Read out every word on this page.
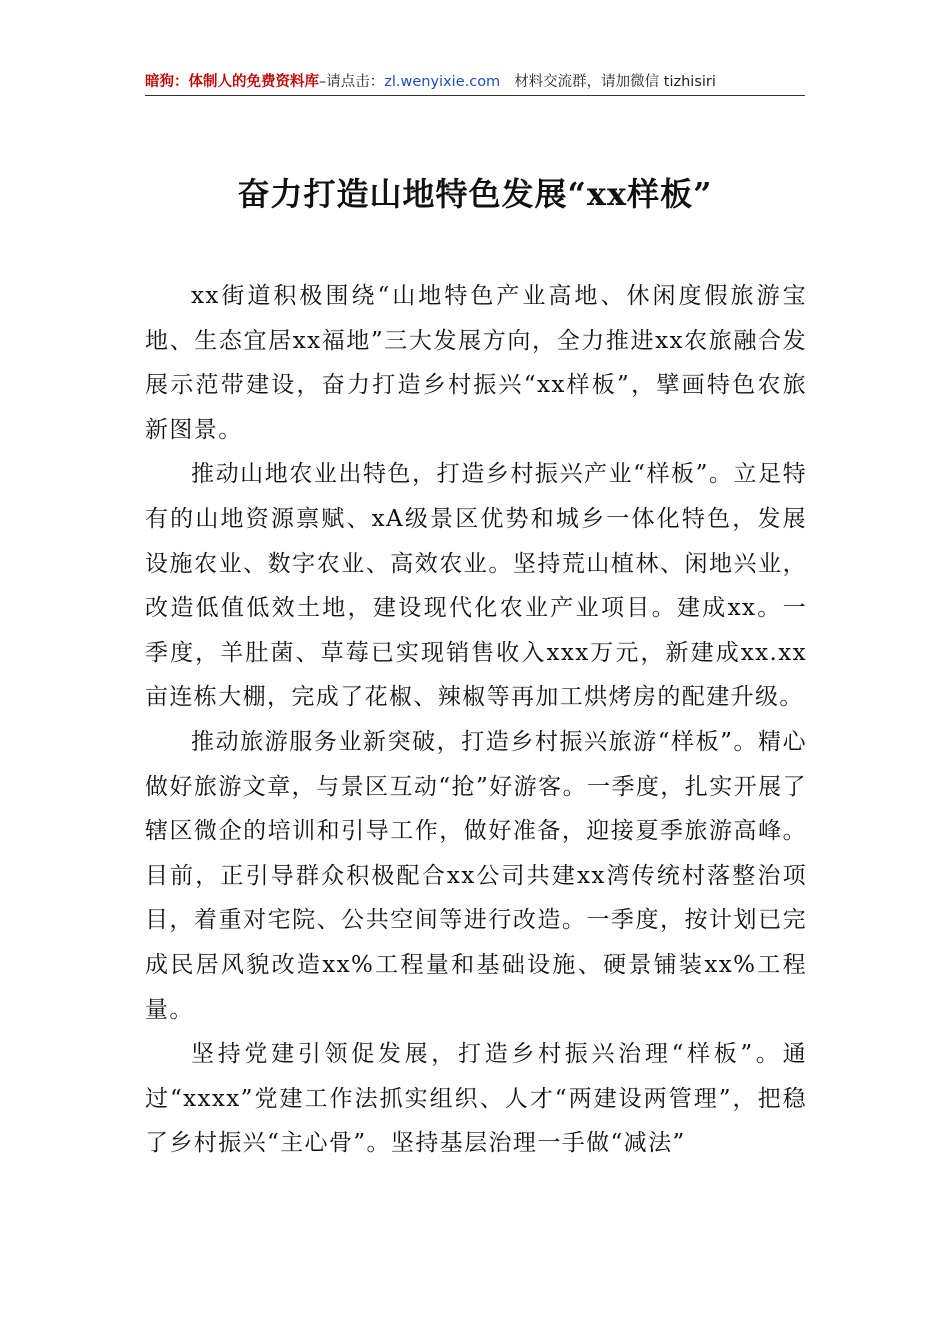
暗狗：体制人的免费资料库–请点击：zl.wenyixie.com 材料交流群，请加微信 tizhisiri
奋力打造山地特色发展“xx样板”

xx街道积极围绕“山地特色产业高地、休闲度假旅游宝地、生态宜居xx福地”三大发展方向，全力推进xx农旅融合发展示范带建设，奋力打造乡村振兴“xx样板”，擘画特色农旅新图景。

推动山地农业出特色，打造乡村振兴产业“样板”。立足特有的山地资源禀赋、xA级景区优势和城乡一体化特色，发展设施农业、数字农业、高效农业。坚持荒山植林、闲地兴业，改造低值低效土地，建设现代化农业产业项目。建成xx。一季度，羊肚菌、草莓已实现销售收入xxx万元，新建成xx.xx亩连栋大棚，完成了花椒、辣椒等再加工烘烤房的配建升级。

推动旅游服务业新突破，打造乡村振兴旅游“样板”。精心做好旅游文章，与景区互动“抢”好游客。一季度，扎实开展了辖区微企的培训和引导工作，做好准备，迎接夏季旅游高峰。目前，正引导群众积极配合xx公司共建xx湾传统村落整治项目，着重对宅院、公共空间等进行改造。一季度，按计划已完成民居风貌改造xx%工程量和基础设施、硬景铺装xx%工程量。

坚持党建引领促发展，打造乡村振兴治理“样板”。通过“xxxx”党建工作法抓实组织、人才“两建设两管理”，把稳了乡村振兴“主心骨”。坚持基层治理一手做“减法”
